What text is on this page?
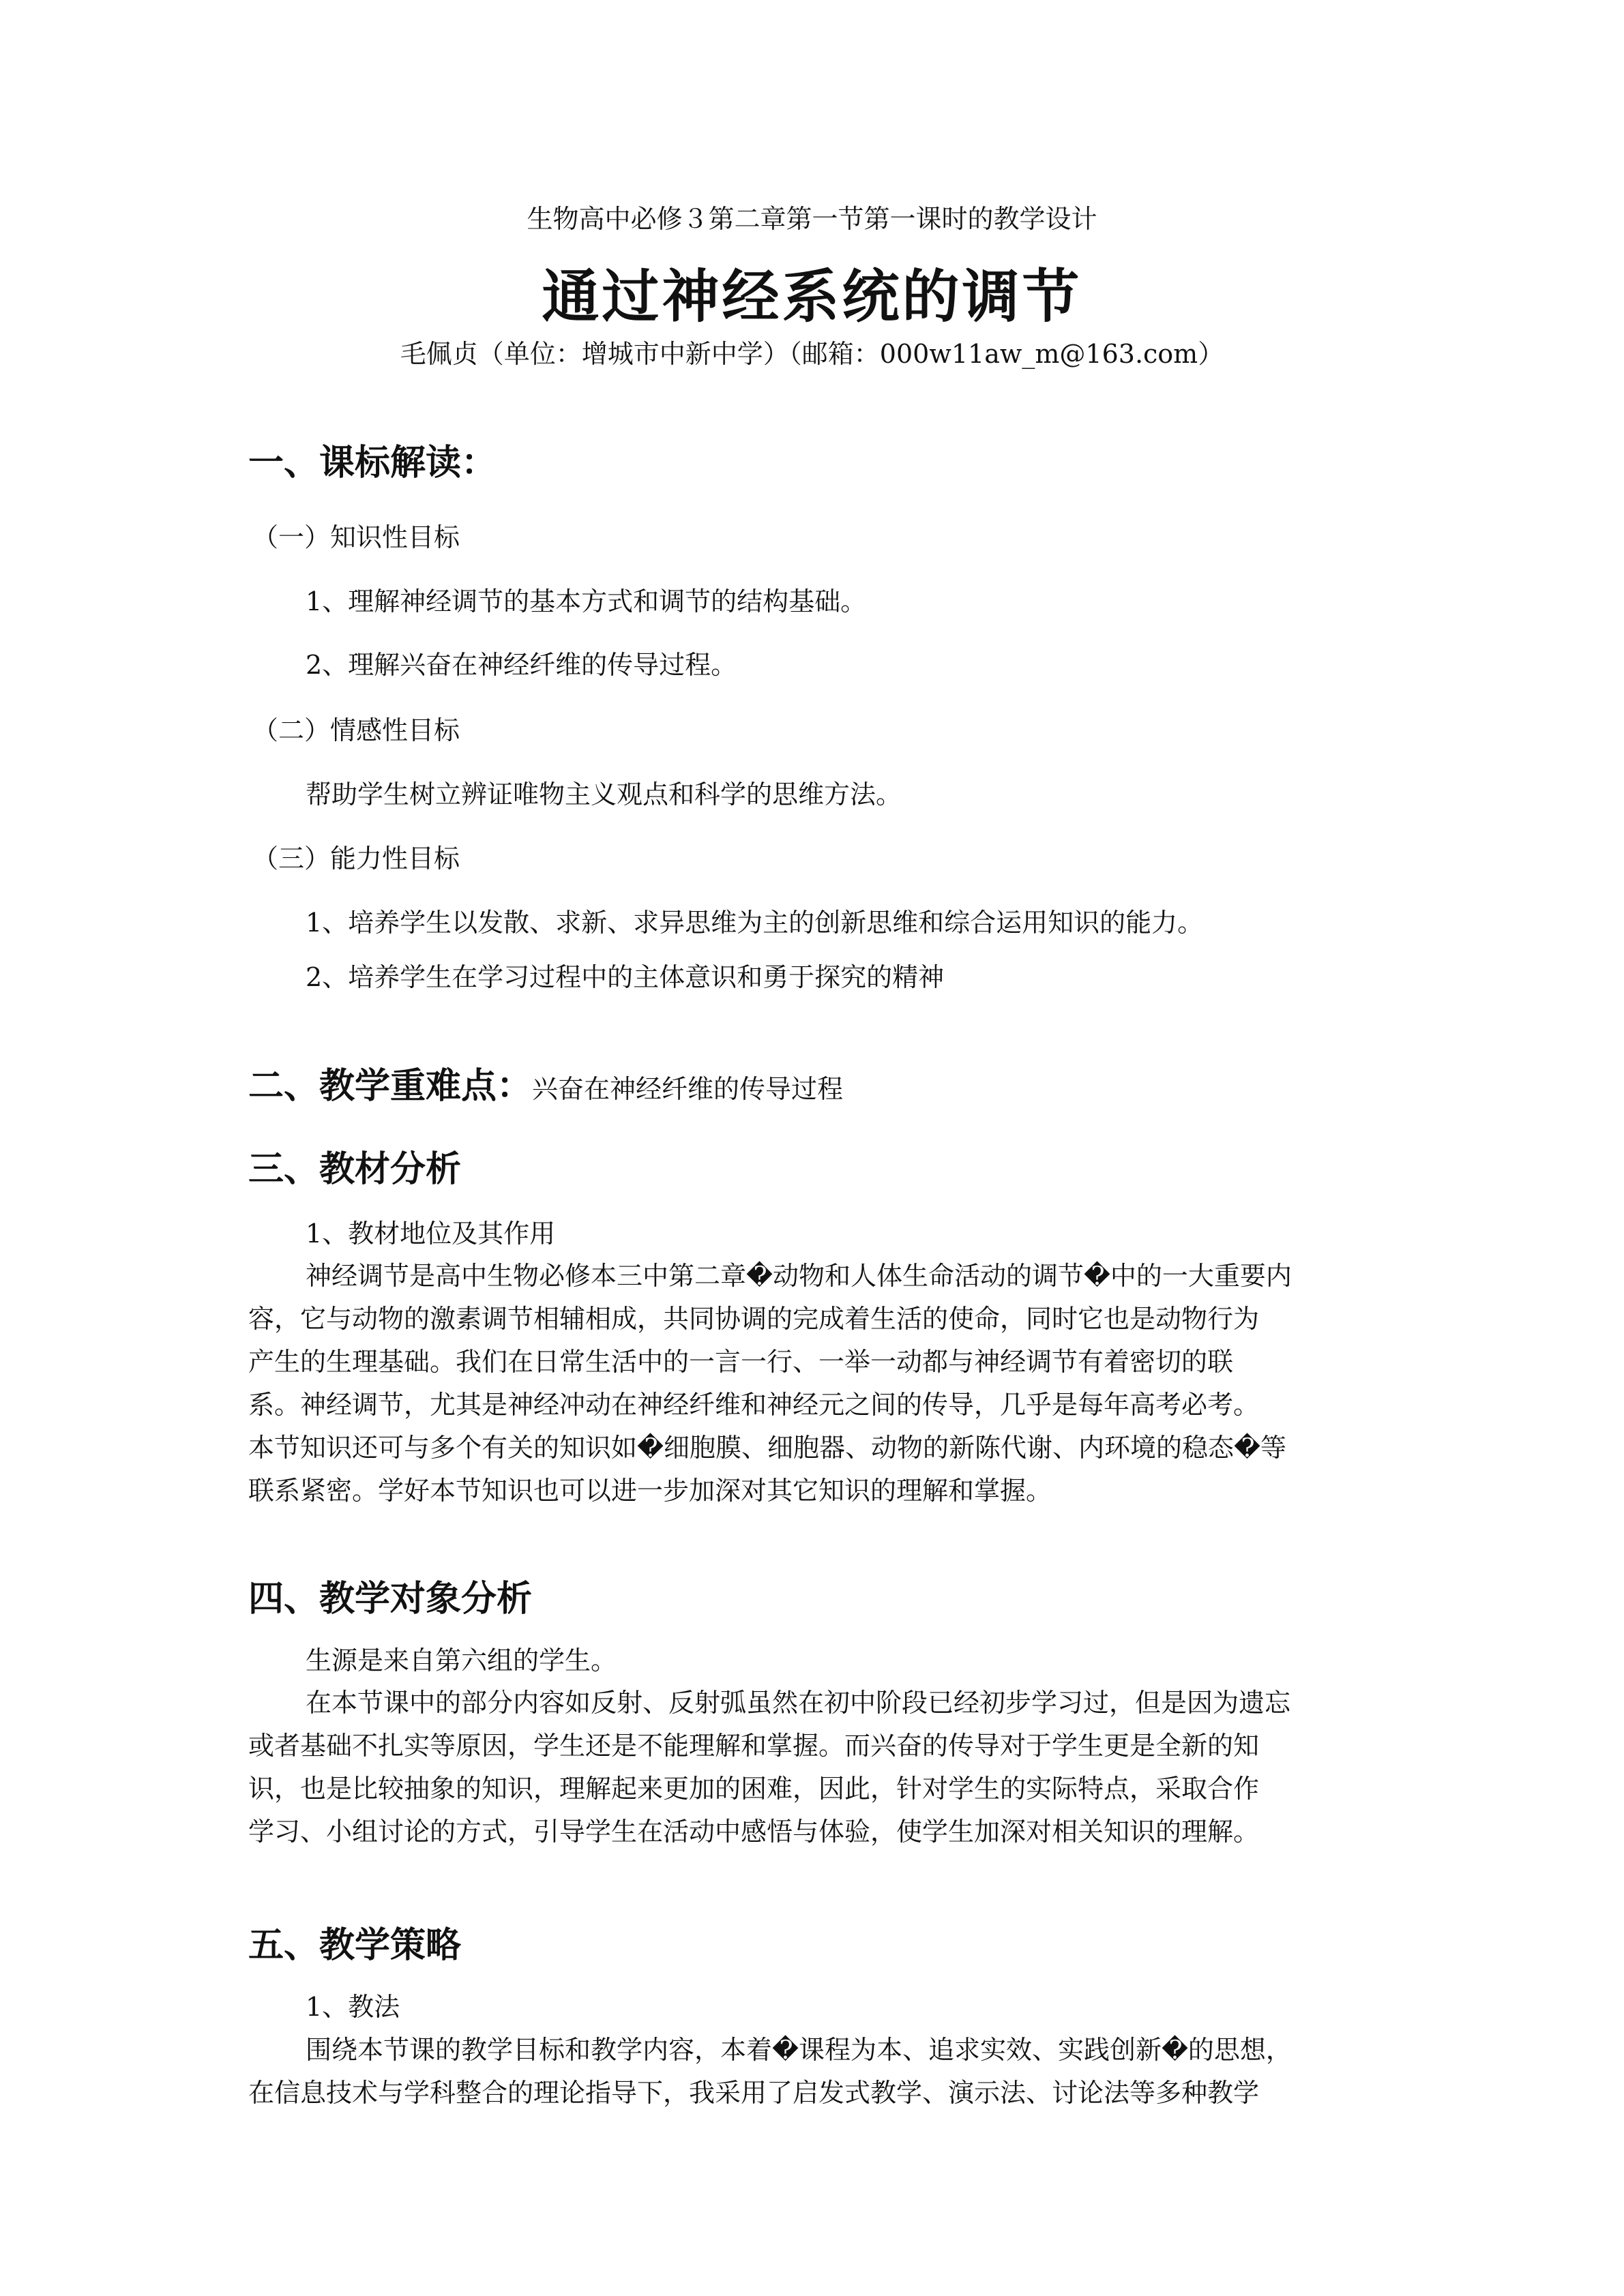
生物高中必修３第二章第一节第一课时的教学设计
通过神经系统的调节
毛佩贞（单位：增城市中新中学）（邮箱：000w11aw_m@163.com）
一、课标解读：
（一）知识性目标
1、理解神经调节的基本方式和调节的结构基础。
2、理解兴奋在神经纤维的传导过程。
（二）情感性目标
帮助学生树立辨证唯物主义观点和科学的思维方法。
（三）能力性目标
1、培养学生以发散、求新、求异思维为主的创新思维和综合运用知识的能力。
2、培养学生在学习过程中的主体意识和勇于探究的精神
二、教学重难点：兴奋在神经纤维的传导过程
三、教材分析
1、教材地位及其作用
神经调节是高中生物必修本三中第二章�动物和人体生命活动的调节�中的一大重要内
容，它与动物的激素调节相辅相成，共同协调的完成着生活的使命，同时它也是动物行为
产生的生理基础。我们在日常生活中的一言一行、一举一动都与神经调节有着密切的联
系。神经调节，尤其是神经冲动在神经纤维和神经元之间的传导，几乎是每年高考必考。
本节知识还可与多个有关的知识如�细胞膜、细胞器、动物的新陈代谢、内环境的稳态�等
联系紧密。学好本节知识也可以进一步加深对其它知识的理解和掌握。
四、教学对象分析
生源是来自第六组的学生。
在本节课中的部分内容如反射、反射弧虽然在初中阶段已经初步学习过，但是因为遗忘
或者基础不扎实等原因，学生还是不能理解和掌握。而兴奋的传导对于学生更是全新的知
识，也是比较抽象的知识，理解起来更加的困难，因此，针对学生的实际特点，采取合作
学习、小组讨论的方式，引导学生在活动中感悟与体验，使学生加深对相关知识的理解。
五、教学策略
1、教法
围绕本节课的教学目标和教学内容，本着�课程为本、追求实效、实践创新�的思想，
在信息技术与学科整合的理论指导下，我采用了启发式教学、演示法、讨论法等多种教学
